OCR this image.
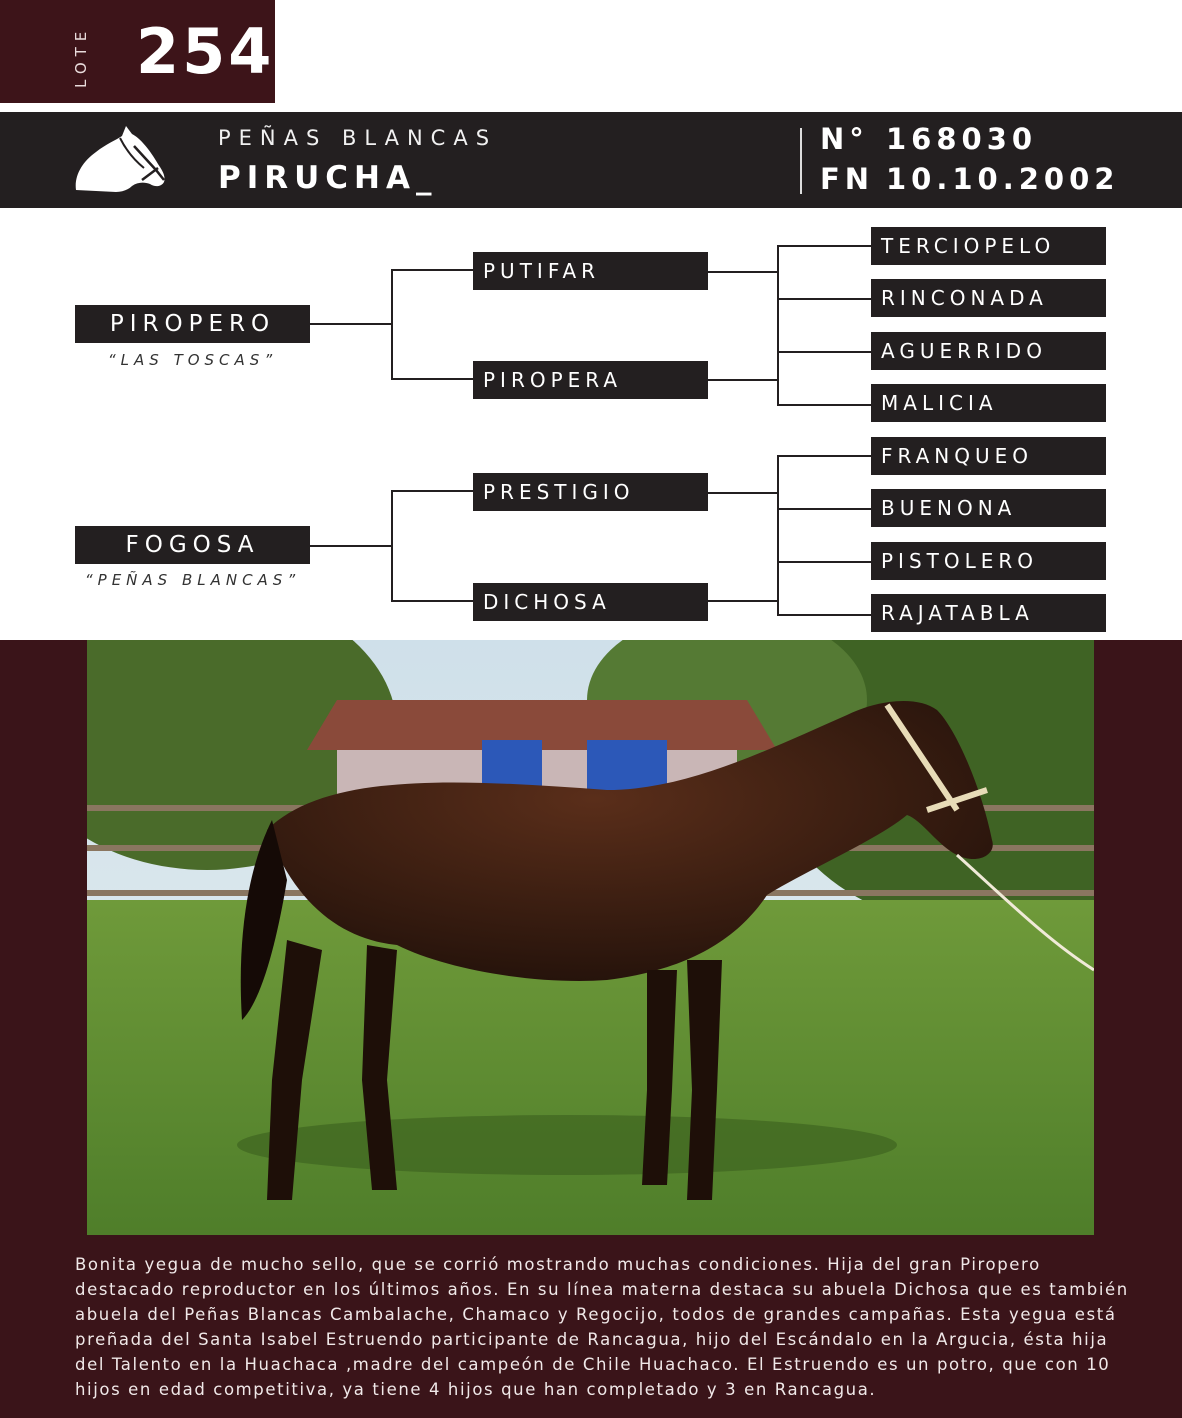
LOTE 254
PEÑAS BLANCAS
PIRUCHA_
N° 168030
FN 10.10.2002
PIROPERO
“LAS TOSCAS”
FOGOSA
“PEÑAS BLANCAS”
PUTIFAR
PIROPERA
PRESTIGIO
DICHOSA
TERCIOPELO
RINCONADA
AGUERRIDO
MALICIA
FRANQUEO
BUENONA
PISTOLERO
RAJATABLA
Bonita yegua de mucho sello, que se corrió mostrando muchas condiciones. Hija del gran Piropero destacado reproductor en los últimos años. En su línea materna destaca su abuela Dichosa que es también abuela del Peñas Blancas Cambalache, Chamaco y Regocijo, todos de grandes campañas. Esta yegua está preñada del Santa Isabel Estruendo participante de Rancagua, hijo del Escándalo en la Argucia, ésta hija del Talento en la Huachaca ,madre del campeón de Chile Huachaco. El Estruendo es un potro, que con 10 hijos en edad competitiva, ya tiene 4 hijos que han completado y 3 en Rancagua.
